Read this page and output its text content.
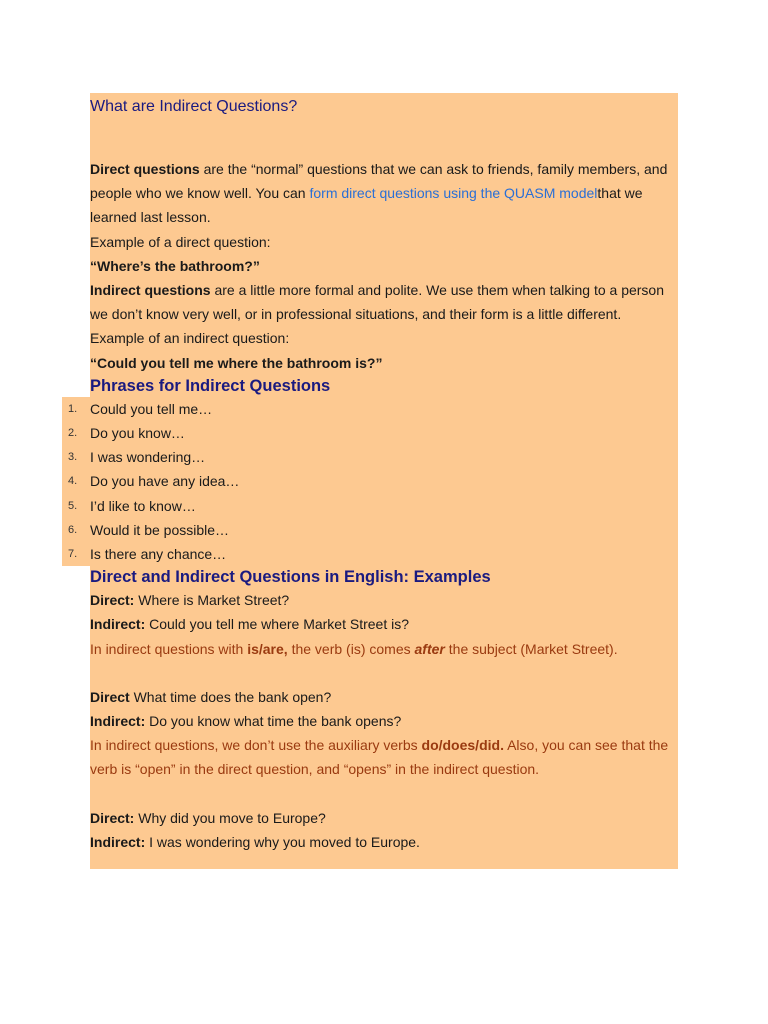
What are Indirect Questions?

Direct questions are the “normal” questions that we can ask to friends, family members, and people who we know well. You can form direct questions using the QUASM modelthat we learned last lesson.

Example of a direct question:

“Where’s the bathroom?”

Indirect questions are a little more formal and polite. We use them when talking to a person we don’t know very well, or in professional situations, and their form is a little different.

Example of an indirect question:

“Could you tell me where the bathroom is?”

Phrases for Indirect Questions

1. Could you tell me…
2. Do you know…
3. I was wondering…
4. Do you have any idea…
5. I’d like to know…
6. Would it be possible…
7. Is there any chance…

Direct and Indirect Questions in English: Examples

Direct: Where is Market Street?

Indirect: Could you tell me where Market Street is?

In indirect questions with is/are, the verb (is) comes after the subject (Market Street).

Direct What time does the bank open?

Indirect: Do you know what time the bank opens?

In indirect questions, we don’t use the auxiliary verbs do/does/did. Also, you can see that the verb is “open” in the direct question, and “opens” in the indirect question.

Direct: Why did you move to Europe?

Indirect: I was wondering why you moved to Europe.
